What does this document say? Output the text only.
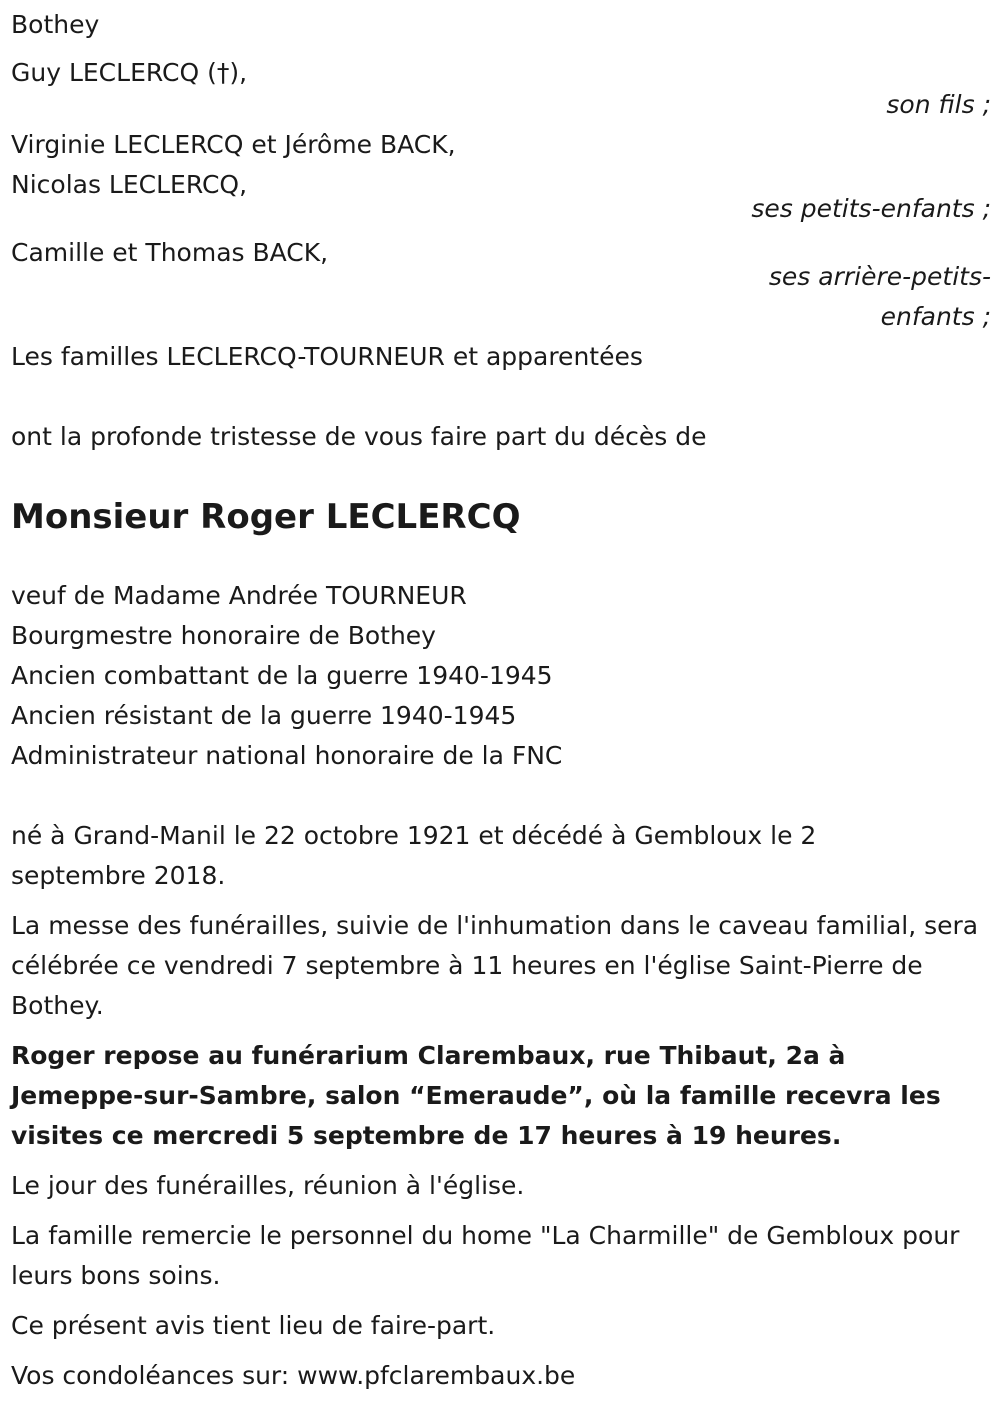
Bothey
Guy LECLERCQ (†),
son fils ;
Virginie LECLERCQ et Jérôme BACK,
Nicolas LECLERCQ,
ses petits-enfants ;
Camille et Thomas BACK,
ses arrière-petits-
enfants ;
Les familles LECLERCQ-TOURNEUR et apparentées
ont la profonde tristesse de vous faire part du décès de
Monsieur Roger LECLERCQ
veuf de Madame Andrée TOURNEUR
Bourgmestre honoraire de Bothey
Ancien combattant de la guerre 1940-1945
Ancien résistant de la guerre 1940-1945
Administrateur national honoraire de la FNC
né à Grand-Manil le 22 octobre 1921 et décédé à Gembloux le 2 septembre 2018.
La messe des funérailles, suivie de l'inhumation dans le caveau familial, sera célébrée ce vendredi 7 septembre à 11 heures en l'église Saint-Pierre de Bothey.
Roger repose au funérarium Clarembaux, rue Thibaut, 2a à Jemeppe-sur-Sambre, salon “Emeraude”, où la famille recevra les visites ce mercredi 5 septembre de 17 heures à 19 heures.
Le jour des funérailles, réunion à l'église.
La famille remercie le personnel du home "La Charmille" de Gembloux pour leurs bons soins.
Ce présent avis tient lieu de faire-part.
Vos condoléances sur: www.pfclarembaux.be
